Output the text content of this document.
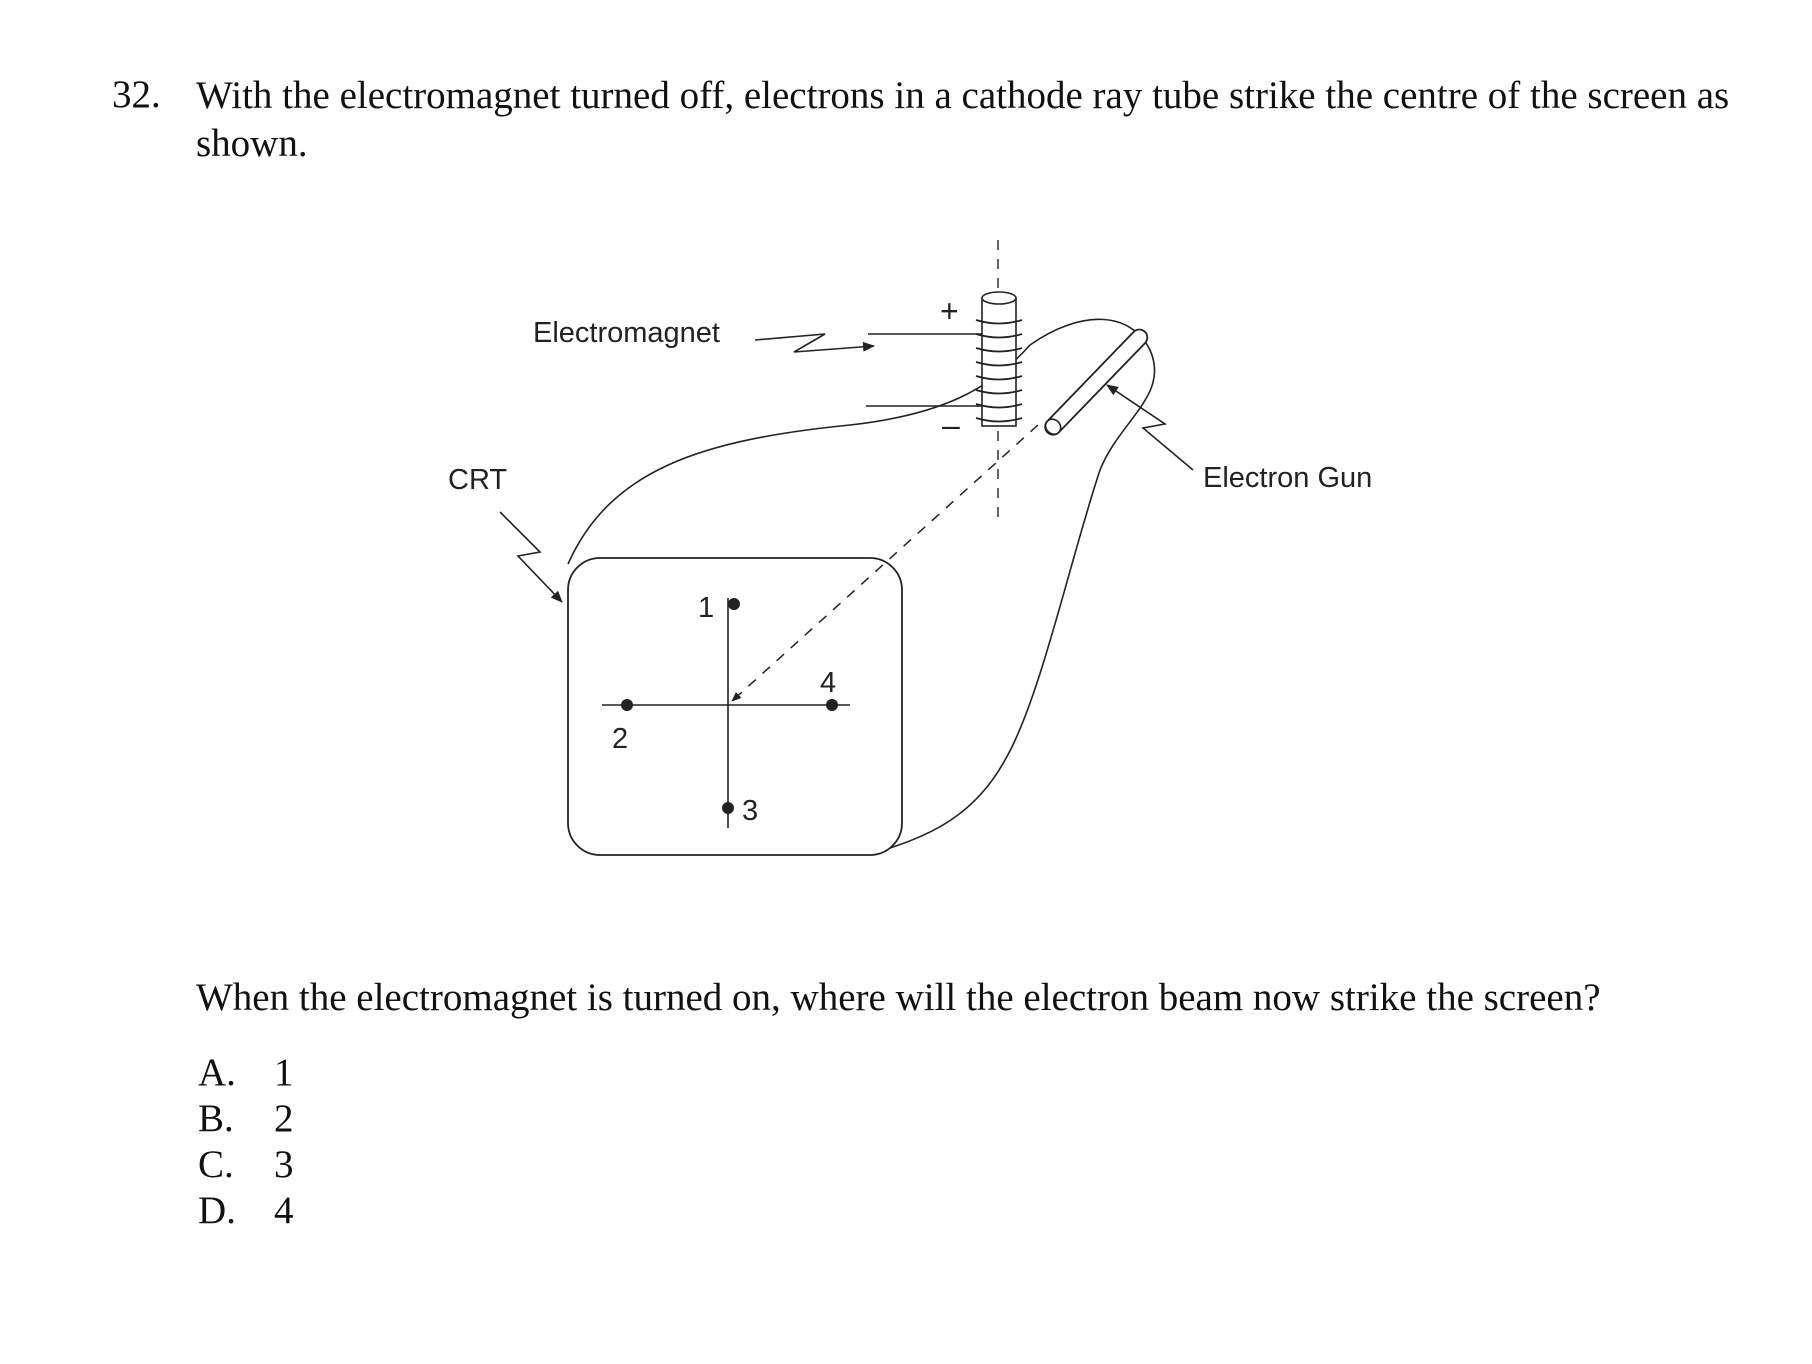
32. With the electromagnet turned off, electrons in a cathode ray tube strike the centre of the screen as shown.
1
2
3
4
+
–
Electromagnet
CRT	Electron Gun
When the electromagnet is turned on, where will the electron beam now strike the screen?
A. 1
B. 2
C. 3
D. 4
